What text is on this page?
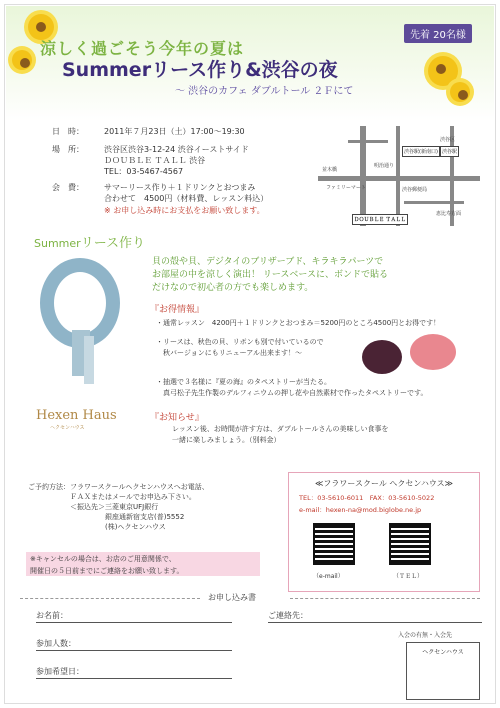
涼しく過ごそう今年の夏は
Summerリース作り&渋谷の夜
～ 渋谷のカフェ ダブルトール ２Ｆにて
先着 20名様
日　時：	2011年７月23日（土）17:00～19:30
場　所：	渋谷区渋谷3-12-24 渋谷イーストサイド
ＤＯＵＢＬＥ ＴＡＬＬ 渋谷
TEL：03-5467-4567
会　費：	サマーリース作り＋１ドリンクとおつまみ
合わせて　4500円（材料費、レッスン料込）
※ お申し込み時にお支払をお願い致します。
渋谷駅(新南口) 渋谷駅
渋谷区
明治通り
ファミリーマート	渋谷郵便局
恵比寿方面
並木橋
ＤＯＵＢＬＥ ＴＡＬＬ
Summerリース作り
Hexen Haus
ヘクセンハウス
貝の殻や貝、デジタイのブリザーブド、キラキラパーツで
お部屋の中を涼しく演出！ リースベースに、ボンドで貼る
だけなので初心者の方でも楽しめます。
『お得情報』
・通常レッスン　4200円＋１ドリンクとおつまみ＝5200円のところ4500円とお得です！
・リースは、秋色の貝、リボンも別で付いているので
　秋バージョンにもリニューアル出来ます！～
・抽選で３名様に『夏の海』のタペストリーが当たる。
　真弓松子先生作製のデルフィニウムの押し花や自然素材で作ったタペストリーです。
『お知らせ』
レッスン後、お時間が許す方は、ダブルトールさんの美味しい食事を
一緒に楽しみましょう。（別料金）
ご予約方法：フラワースクールヘクセンハウスへお電話、
　　　　　　ＦＡＸまたはメールでお申込み下さい。
　　　　　　＜振込先＞三菱東京UFJ銀行
　　　　　　　　　　　銀座通新宿支店(普)5552
　　　　　　　　　　　(株)ヘクセンハウス
※キャンセルの場合は、お店のご用意関係で、
開催日の５日前までにご連絡をお願い致します。
≪フラワースクール ヘクセンハウス≫
TEL：03-5610-6011　FAX：03-5610-5022
e-mail：hexen-na@mod.biglobe.ne.jp
（e-mail）	（ＴＥＬ）
お申し込み書
お名前：	ご連絡先：
参加人数：
参加希望日：
入会の有無・入会先
ヘクセンハウス
